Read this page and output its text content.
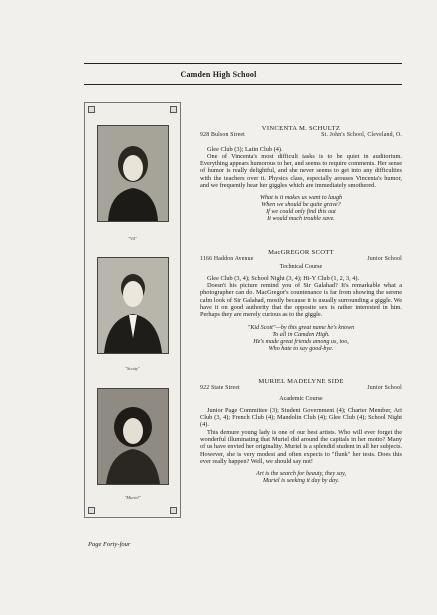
Camden High School
"Vil"
"Scotty"
"Muriel"
VINCENTA M. SCHULTZ
928 Bulson Street	St. John's School, Cleveland, O.

Glee Club (3); Latin Club (4).

One of Vincenta's most difficult tasks is to be quiet in auditorium. Everything appears humorous to her, and seems to require comments. Her sense of humor is really delightful, and she never seems to get into any difficulties with the teachers over it. Physics class, especially arouses Vincenta's humor, and we frequently hear her giggles which are immediately smothered.

What is it makes us want to laugh
When we should be quite grave?
If we could only find this out
It would much trouble save.
MacGREGOR SCOTT
1166 Haddon Avenue	Junior School
Technical Course

Glee Club (3, 4); School Night (3, 4); Hi-Y Club (1, 2, 3, 4).

Doesn't his picture remind you of Sir Galahad? It's remarkable what a photographer can do. MacGregor's countenance is far from showing the serene calm look of Sir Galahad, mostly because it is usually surrounding a giggle. We have it on good authority that the opposite sex is rather interested in him. Perhaps they are merely curious as to the giggle.

"Kid Scott"—by this great name he's known
To all in Camden High.
He's made great friends among us, too,
Who hate to say good-bye.
MURIEL MADELYNE SIDE
922 State Street	Junior School
Academic Course

Junior Page Committee (3); Student Government (4); Charter Member, Art Club (3, 4); French Club (4); Mandolin Club (4); Glee Club (4); School Night (4).

This demure young lady is one of our best artists. Who will ever forget the wonderful illuminating that Muriel did around the capitals in her motto? Many of us have envied her originality. Muriel is a splendid student in all her subjects. However, she is very modest and often expects to "flunk" her tests. Does this ever really happen? Well, we should say not!

Art is the search for beauty, they say,
Muriel is seeking it day by day.
Page Forty-four
